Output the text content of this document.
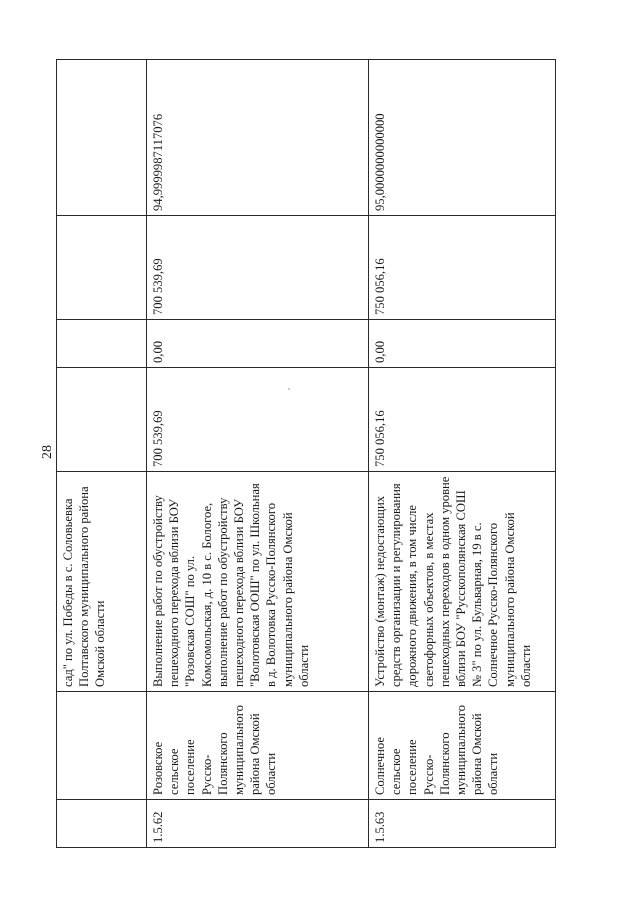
28
		сад" по ул. Победы в с. Соловьевка Полтавского муниципального района Омской области				
1.5.62	Розовское сельское поселение Русско-Полянского муниципального района Омской области	Выполнение работ по обустройству пешеходного перехода вблизи БОУ "Розовская СОШ" по ул. Комсомольская, д. 10 в с. Бологое, выполнение работ по обустройству пешеходного перехода вблизи БОУ "Волотовская ООШ" по ул. Школьная в д. Волотовка Русско-Полянского муниципального района Омской области	700 539,69	0,00	700 539,69	94,9999987117076
1.5.63	Солнечное сельское поселение Русско-Полянского муниципального района Омской области	Устройство (монтаж) недостающих средств организации и регулирования дорожного движения, в том числе светофорных объектов, в местах пешеходных переходов в одном уровне вблизи БОУ "Русскополянская СОШ № 3" по ул. Бульварная, 19 в с. Солнечное Русско-Полянского муниципального района Омской области	750 056,16	0,00	750 056,16	95,0000000000000
